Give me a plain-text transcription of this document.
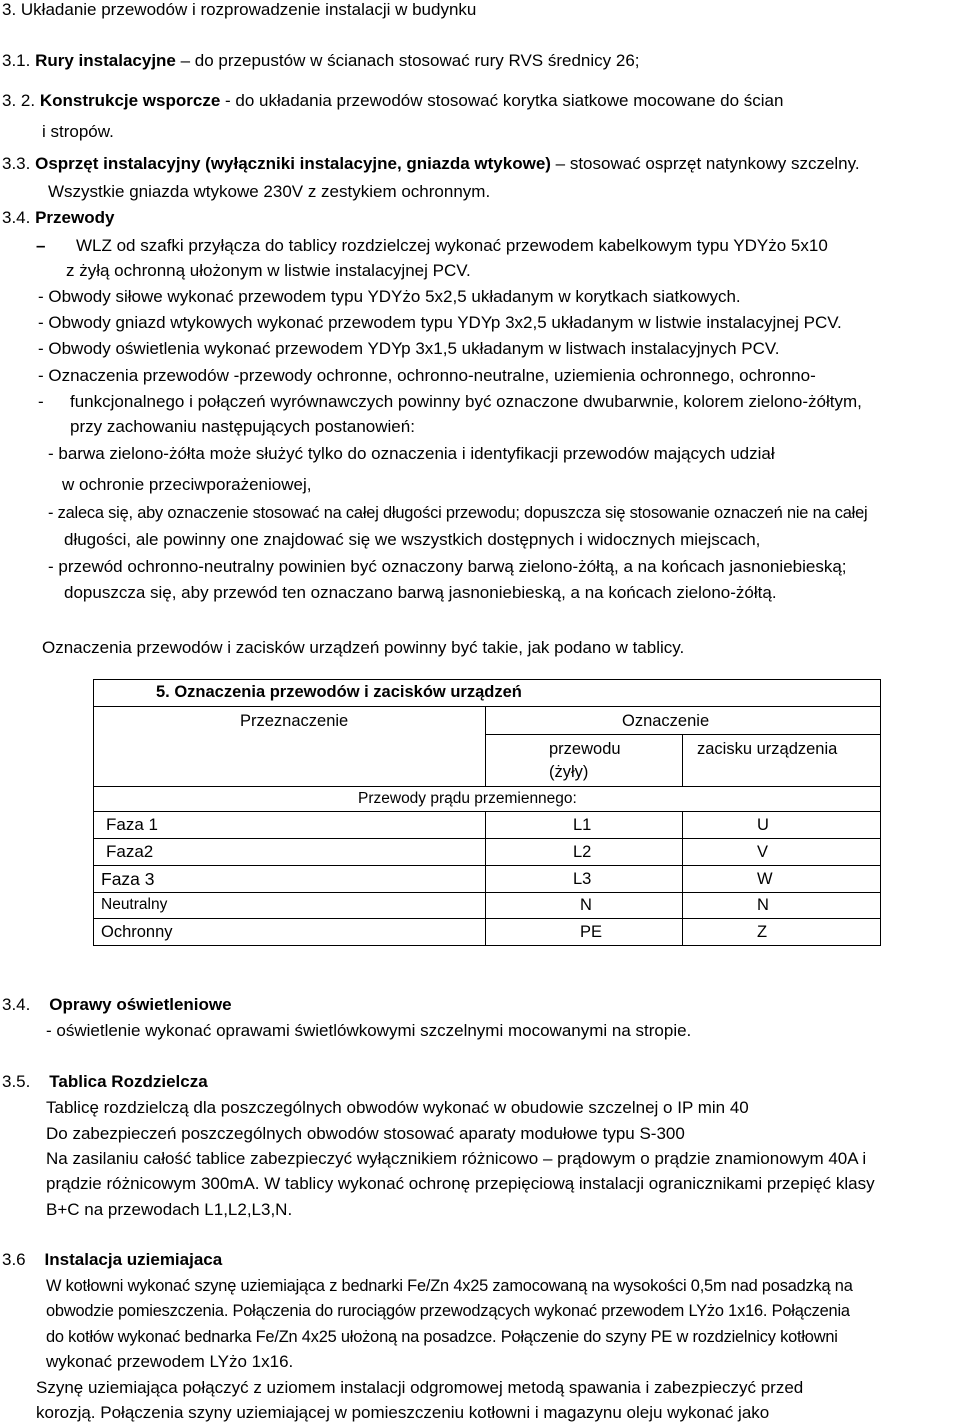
3. Układanie przewodów i rozprowadzenie instalacji w budynku
3.1. Rury instalacyjne – do przepustów w ścianach stosować rury RVS średnicy 26;
3. 2. Konstrukcje wsporcze - do układania przewodów stosować korytka siatkowe mocowane do ścian
i stropów.
3.3. Osprzęt instalacyjny (wyłączniki instalacyjne, gniazda wtykowe) – stosować osprzęt natynkowy szczelny.
Wszystkie gniazda wtykowe 230V z zestykiem ochronnym.
3.4. Przewody
– WLZ od szafki przyłącza do tablicy rozdzielczej wykonać przewodem kabelkowym typu YDYżo 5x10
z żyłą ochronną ułożonym w listwie instalacyjnej PCV.
- Obwody siłowe wykonać przewodem typu YDYżo 5x2,5 układanym w korytkach siatkowych.
- Obwody gniazd wtykowych wykonać przewodem typu YDYp 3x2,5 układanym w listwie instalacyjnej PCV.
- Obwody oświetlenia wykonać przewodem YDYp 3x1,5 układanym w listwach instalacyjnych PCV.
- Oznaczenia przewodów -przewody ochronne, ochronno-neutralne, uziemienia ochronnego, ochronno-
- funkcjonalnego i połączeń wyrównawczych powinny być oznaczone dwubarwnie, kolorem zielono-żółtym,
przy zachowaniu następujących postanowień:
- barwa zielono-żółta może służyć tylko do oznaczenia i identyfikacji przewodów mających udział
w ochronie przeciwporażeniowej,
- zaleca się, aby oznaczenie stosować na całej długości przewodu; dopuszcza się stosowanie oznaczeń nie na całej
długości, ale powinny one znajdować się we wszystkich dostępnych i widocznych miejscach,
- przewód ochronno-neutralny powinien być oznaczony barwą zielono-żółtą, a na końcach jasnoniebieską;
dopuszcza się, aby przewód ten oznaczano barwą jasnoniebieską, a na końcach zielono-żółtą.
Oznaczenia przewodów i zacisków urządzeń powinny być takie, jak podano w tablicy.
5. Oznaczenia przewodów i zacisków urządzeń
Przeznaczenie	Oznaczenie
przewodu
(żyły)
zacisku urządzenia
Przewody prądu przemiennego:
Faza 1	L1	U
Faza2	L2	V
Faza 3	L3	W
Neutralny	N	N
Ochronny	PE	Z
3.4. Oprawy oświetleniowe
- oświetlenie wykonać oprawami świetlówkowymi szczelnymi mocowanymi na stropie.
3.5. Tablica Rozdzielcza
Tablicę rozdzielczą dla poszczególnych obwodów wykonać w obudowie szczelnej o IP min 40
Do zabezpieczeń poszczególnych obwodów stosować aparaty modułowe typu S-300
Na zasilaniu całość tablice zabezpieczyć wyłącznikiem różnicowo – prądowym o prądzie znamionowym 40A i
prądzie różnicowym 300mA. W tablicy wykonać ochronę przepięciową instalacji ogranicznikami przepięć klasy
B+C na przewodach L1,L2,L3,N.
3.6 Instalacja uziemiajaca
W kotłowni wykonać szynę uziemiająca z bednarki Fe/Zn 4x25 zamocowaną na wysokości 0,5m nad posadzką na
obwodzie pomieszczenia. Połączenia do rurociągów przewodzących wykonać przewodem LYżo 1x16. Połączenia
do kotłów wykonać bednarka Fe/Zn 4x25 ułożoną na posadzce. Połączenie do szyny PE w rozdzielnicy kotłowni
wykonać przewodem LYżo 1x16.
Szynę uziemiająca połączyć z uziomem instalacji odgromowej metodą spawania i zabezpieczyć przed
korozją. Połączenia szyny uziemiającej w pomieszczeniu kotłowni i magazynu oleju wykonać jako
